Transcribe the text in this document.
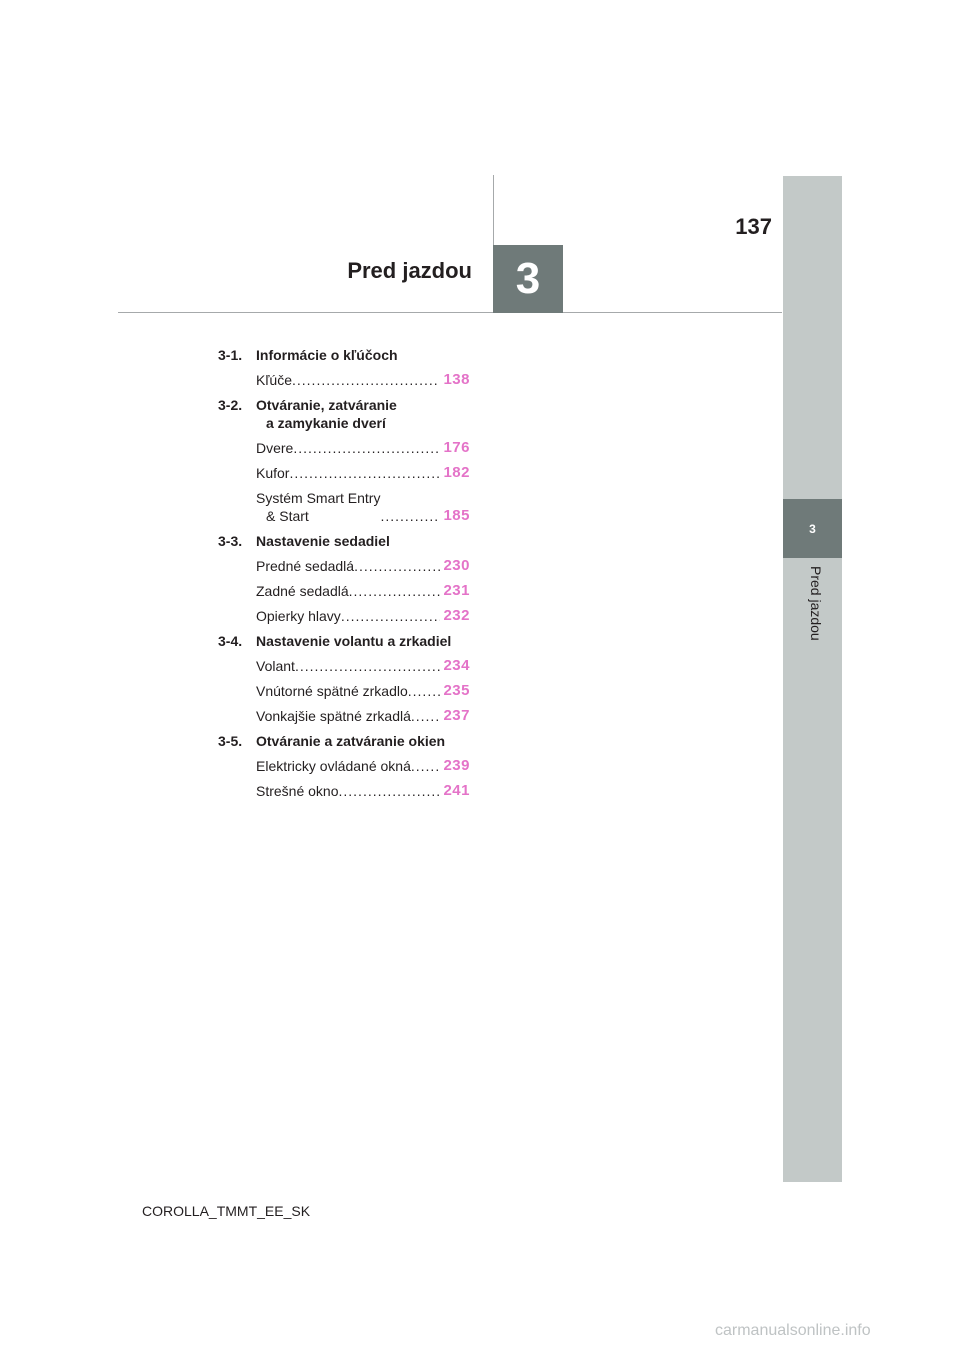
137
Pred jazdou 3
3
Pred jazdou
3-1. Informácie o kľúčoch
Kľúče .....	138
3-2. Otváranie, zatváranie
a zamykanie dverí
Dvere .....	176
Kufor .....	182
Systém Smart Entry
& Start .....	185
3-3. Nastavenie sedadiel
Predné sedadlá .....	230
Zadné sedadlá .....	231
Opierky hlavy .....	232
3-4. Nastavenie volantu a zrkadiel
Volant .....	234
Vnútorné spätné zrkadlo ..... 235
Vonkajšie spätné zrkadlá ..... 237
3-5. Otváranie a zatváranie okien
Elektricky ovládané okná ..... 239
Strešné okno .....	241
COROLLA_TMMT_EE_SK
carmanualsonline.info
